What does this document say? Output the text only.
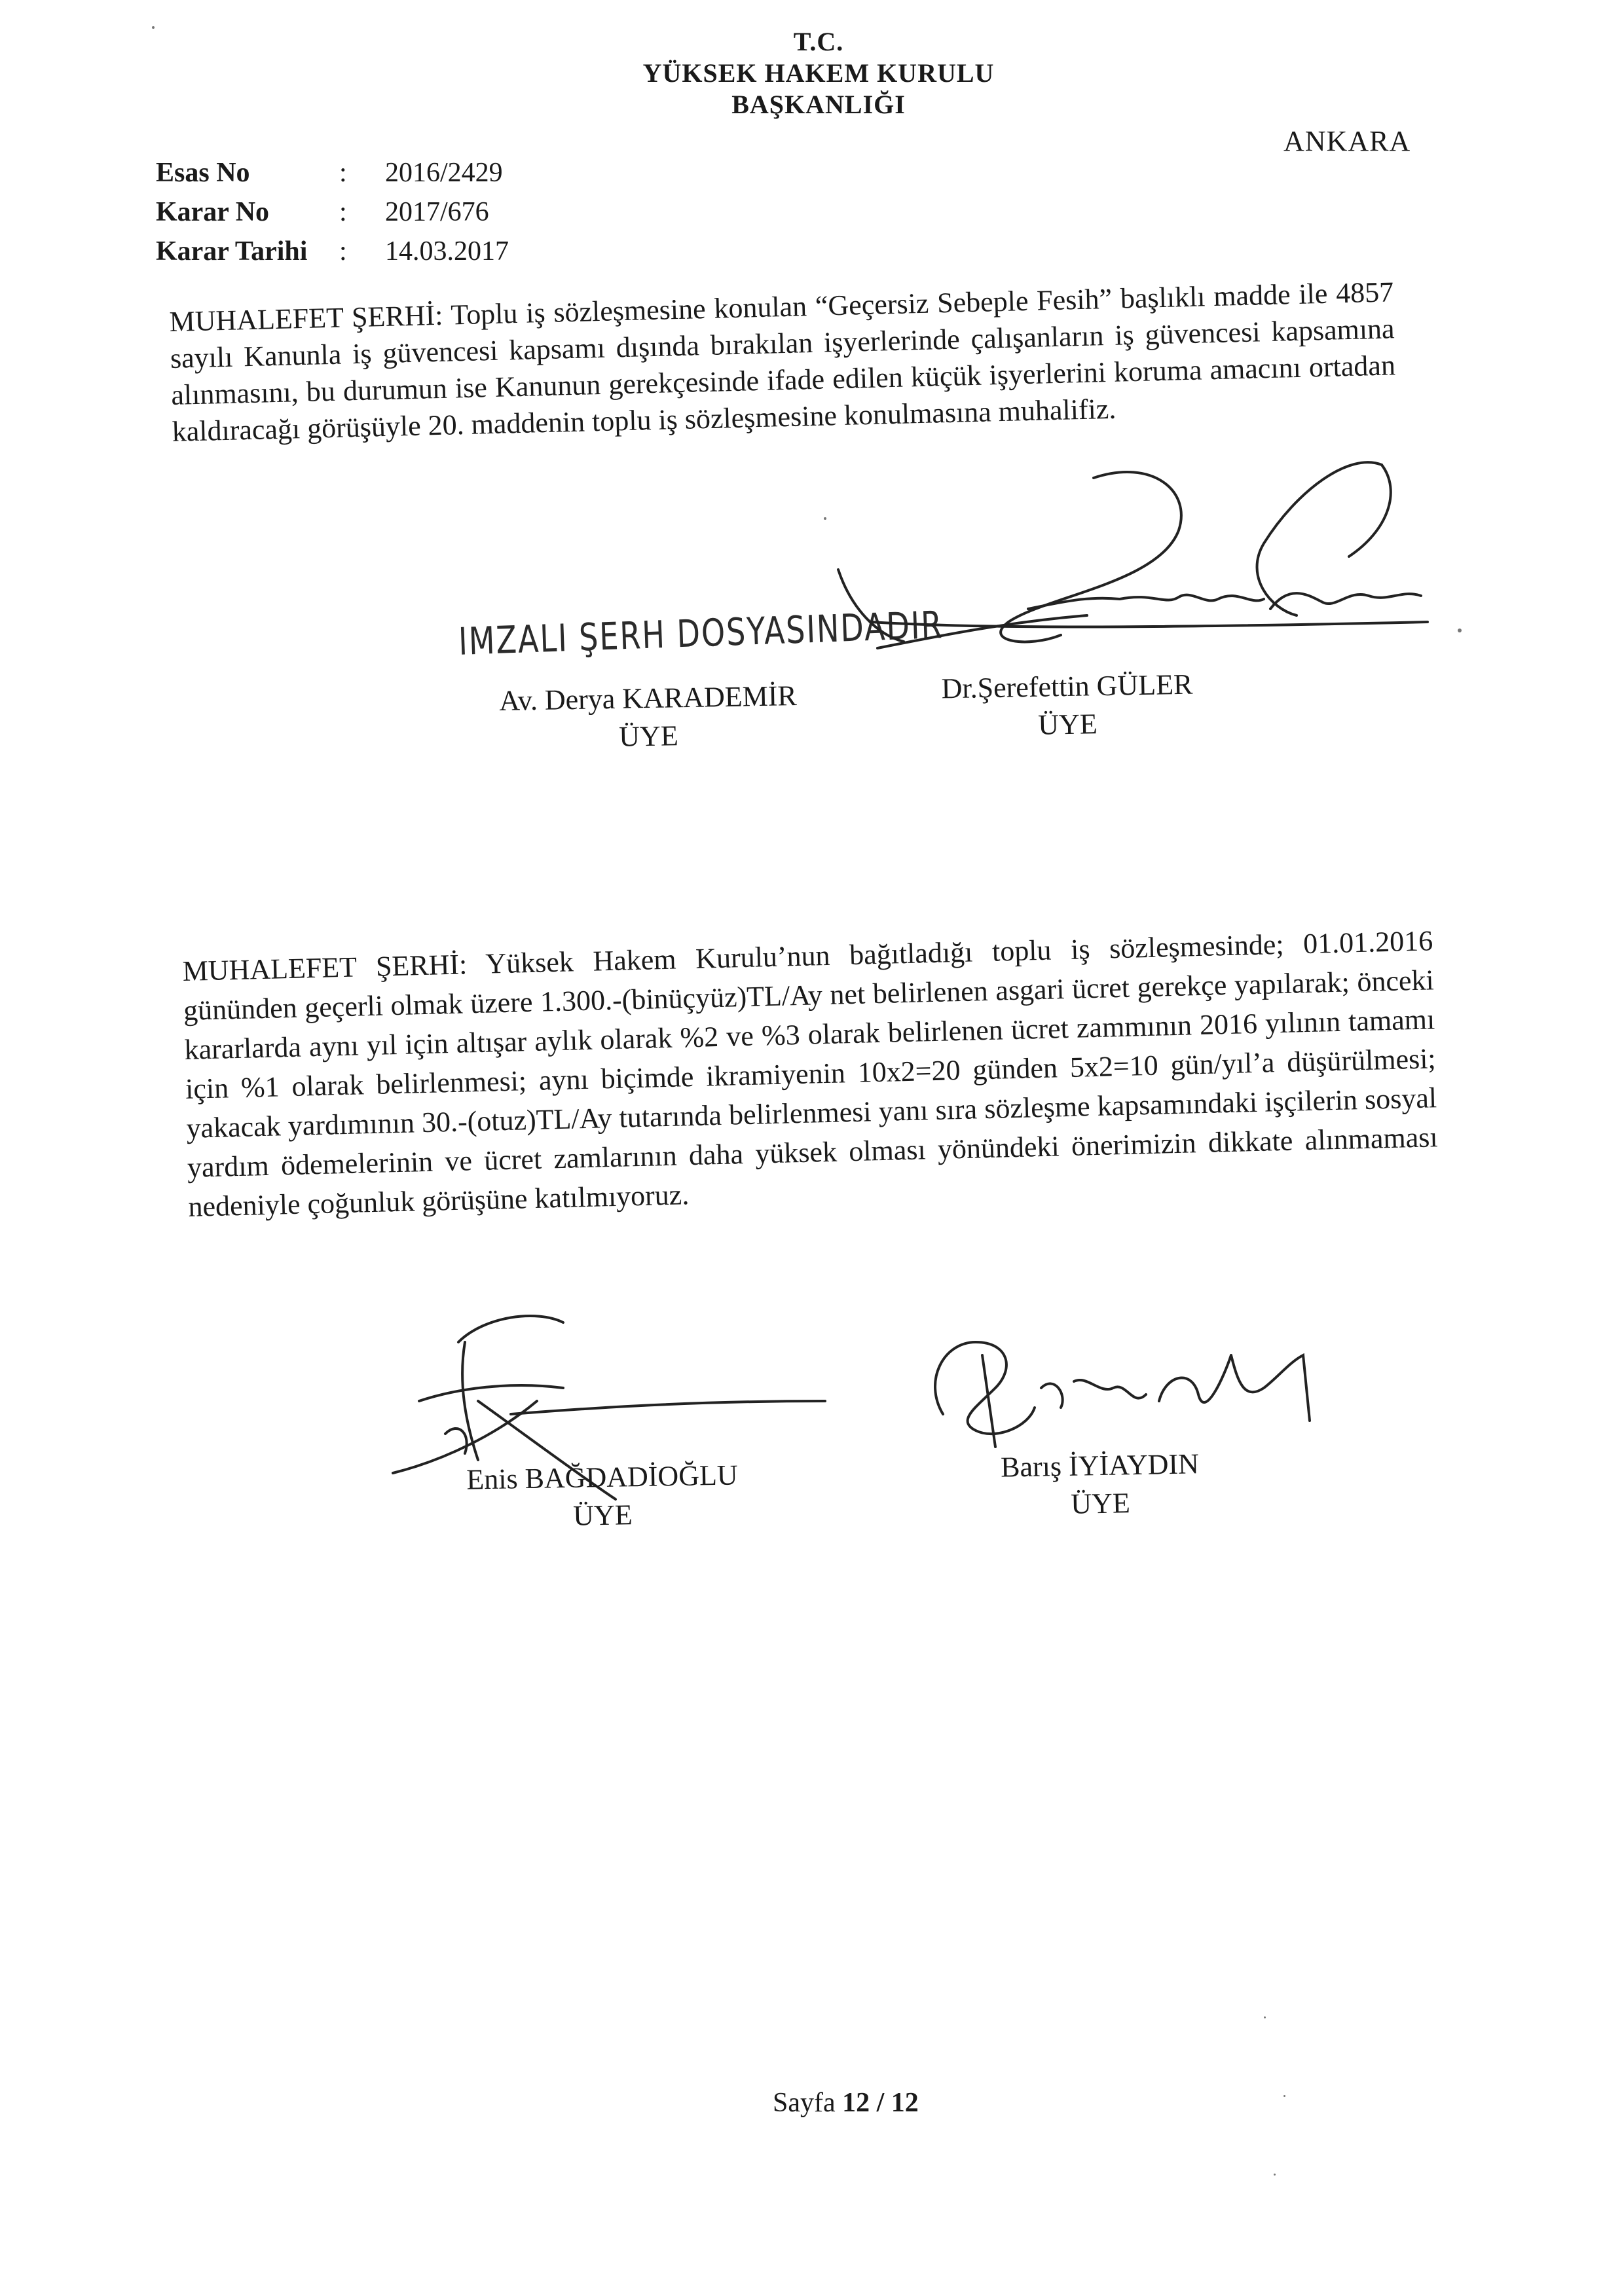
T.C.
YÜKSEK HAKEM KURULU
BAŞKANLIĞI
ANKARA
Esas No	:	2016/2429
Karar No	:	2017/676
Karar Tarihi	:	14.03.2017

MUHALEFET ŞERHİ: Toplu iş sözleşmesine konulan “Geçersiz Sebeple Fesih” başlıklı madde ile 4857 sayılı Kanunla iş güvencesi kapsamı dışında bırakılan işyerlerinde çalışanların iş güvencesi kapsamına alınmasını, bu durumun ise Kanunun gerekçesinde ifade edilen küçük işyerlerini koruma amacını ortadan kaldıracağı görüşüyle 20. maddenin toplu iş sözleşmesine konulmasına muhalifiz.

IMZALI ŞERH DOSYASINDADIR
Av. Derya KARADEMİR
ÜYE
Dr.Şerefettin GÜLER
ÜYE

MUHALEFET ŞERHİ: Yüksek Hakem Kurulu’nun bağıtladığı toplu iş sözleşmesinde; 01.01.2016 gününden geçerli olmak üzere 1.300.-(binüçyüz)TL/Ay net belirlenen asgari ücret gerekçe yapılarak; önceki kararlarda aynı yıl için altışar aylık olarak %2 ve %3 olarak belirlenen ücret zammının 2016 yılının tamamı için %1 olarak belirlenmesi; aynı biçimde ikramiyenin 10x2=20 günden 5x2=10 gün/yıl’a düşürülmesi; yakacak yardımının 30.-(otuz)TL/Ay tutarında belirlenmesi yanı sıra sözleşme kapsamındaki işçilerin sosyal yardım ödemelerinin ve ücret zamlarının daha yüksek olması yönündeki önerimizin dikkate alınmaması nedeniyle çoğunluk görüşüne katılmıyoruz.

Enis BAĞDADİOĞLU
ÜYE
Barış İYİAYDIN
ÜYE
Sayfa 12 / 12
